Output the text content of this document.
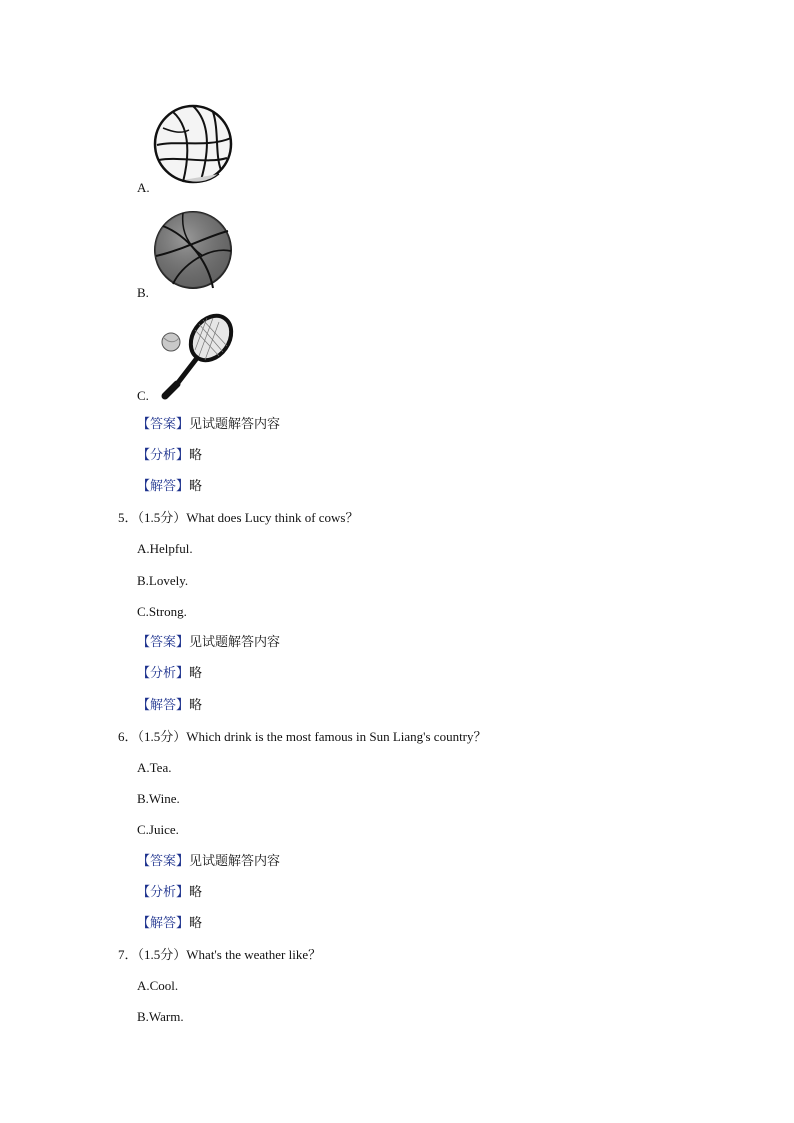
A.
B.
C.
【答案】见试题解答内容
【分析】略
【解答】略
5．（1.5分）What does Lucy think of cows？
A.Helpful.
B.Lovely.
C.Strong.
【答案】见试题解答内容
【分析】略
【解答】略
6．（1.5分）Which drink is the most famous in Sun Liang's country？
A.Tea.
B.Wine.
C.Juice.
【答案】见试题解答内容
【分析】略
【解答】略
7．（1.5分）What's the weather like？
A.Cool.
B.Warm.
